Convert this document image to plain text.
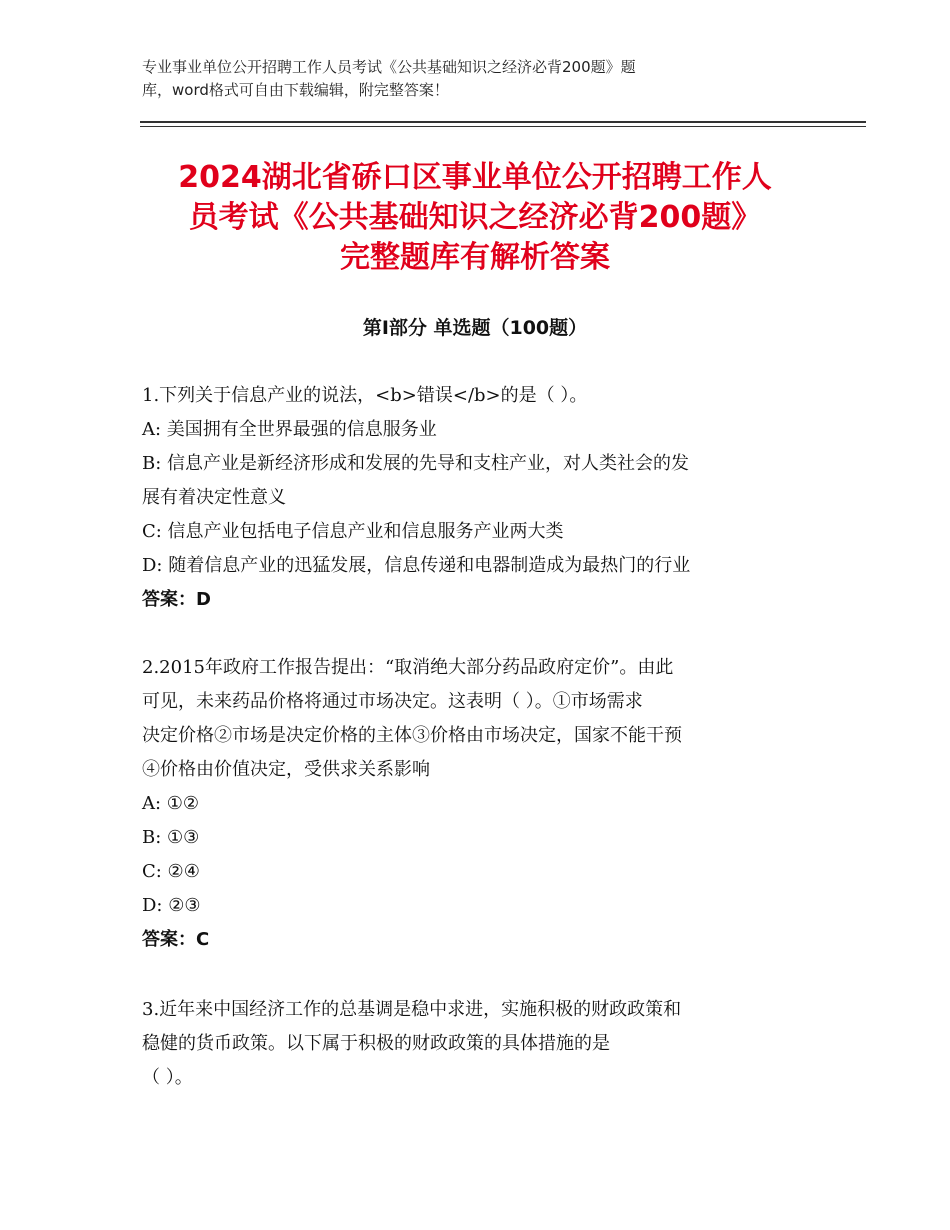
专业事业单位公开招聘工作人员考试《公共基础知识之经济必背200题》题
库，word格式可自由下载编辑，附完整答案！
2024湖北省硚口区事业单位公开招聘工作人
员考试《公共基础知识之经济必背200题》
完整题库有解析答案
第Ⅰ部分 单选题（100题）
1.下列关于信息产业的说法，<b>错误</b>的是（ ）。
A: 美国拥有全世界最强的信息服务业
B: 信息产业是新经济形成和发展的先导和支柱产业，对人类社会的发
展有着决定性意义
C: 信息产业包括电子信息产业和信息服务产业两大类
D: 随着信息产业的迅猛发展，信息传递和电器制造成为最热门的行业
答案：D
2.2015年政府工作报告提出：“取消绝大部分药品政府定价”。由此
可见，未来药品价格将通过市场决定。这表明（ ）。①市场需求
决定价格②市场是决定价格的主体③价格由市场决定，国家不能干预
④价格由价值决定，受供求关系影响
A: ①②
B: ①③
C: ②④
D: ②③
答案：C
3.近年来中国经济工作的总基调是稳中求进，实施积极的财政政策和
稳健的货币政策。以下属于积极的财政政策的具体措施的是
（ ）。
